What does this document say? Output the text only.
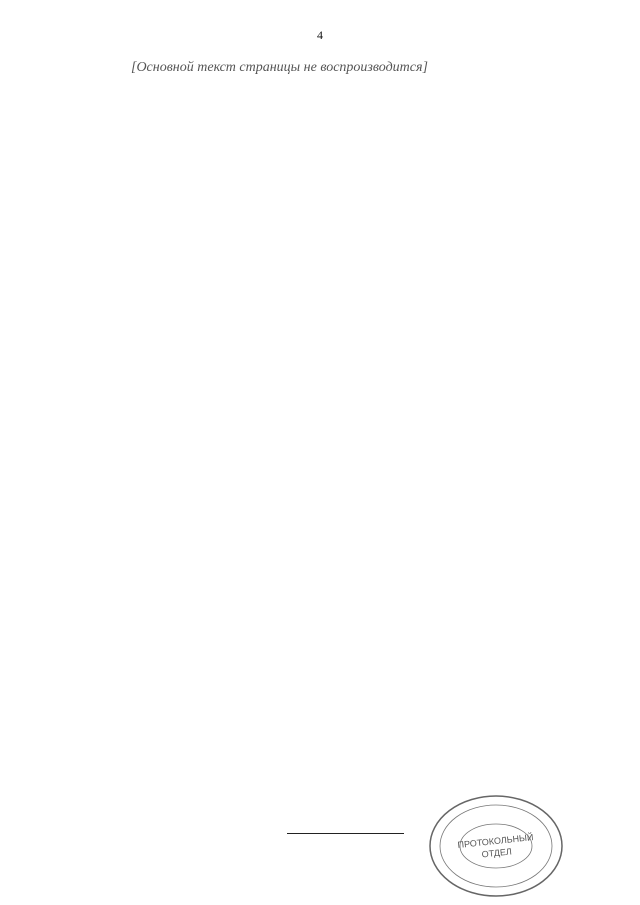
4

[Основной текст страницы не воспроизводится]

ПРОТОКОЛЬНЫЙ
ОТДЕЛ
